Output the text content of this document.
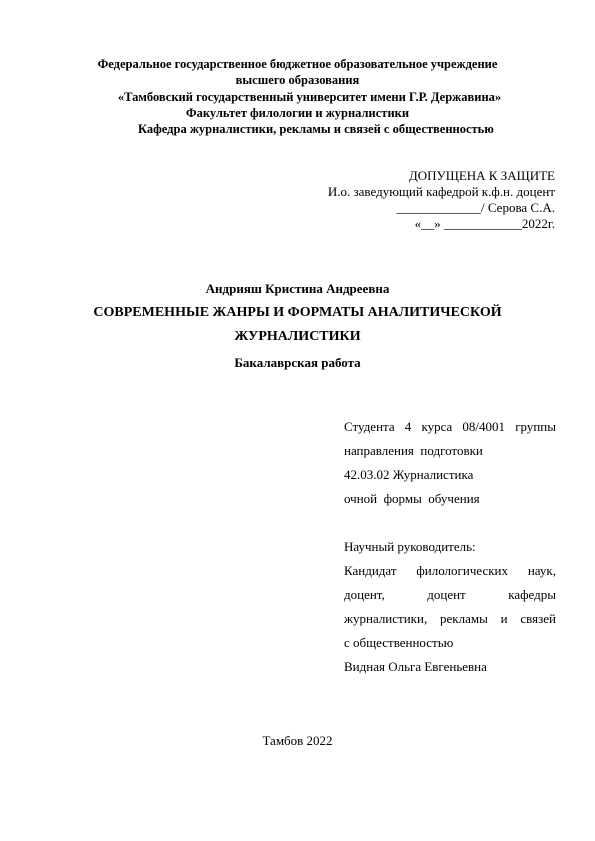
Федеральное государственное бюджетное образовательное учреждение
высшего образования
«Тамбовский государственный университет имени Г.Р. Державина»
Факультет филологии и журналистики
Кафедра журналистики, рекламы и связей с общественностью
ДОПУЩЕНА К ЗАЩИТЕ
И.о. заведующий кафедрой к.ф.н. доцент
_____________/ Серова С.А.
«__» ____________2022г.
Андрияш Кристина Андреевна
СОВРЕМЕННЫЕ ЖАНРЫ И ФОРМАТЫ АНАЛИТИЧЕСКОЙ
ЖУРНАЛИСТИКИ
Бакалаврская работа
Студента 4 курса 08/4001 группы
направления  подготовки
42.03.02 Журналистика
очной  формы  обучения
Научный руководитель:
Кандидат филологических наук,
доцент,	доцент	кафедры
журналистики, рекламы и связей
с общественностью
Видная Ольга Евгеньевна
Тамбов 2022
